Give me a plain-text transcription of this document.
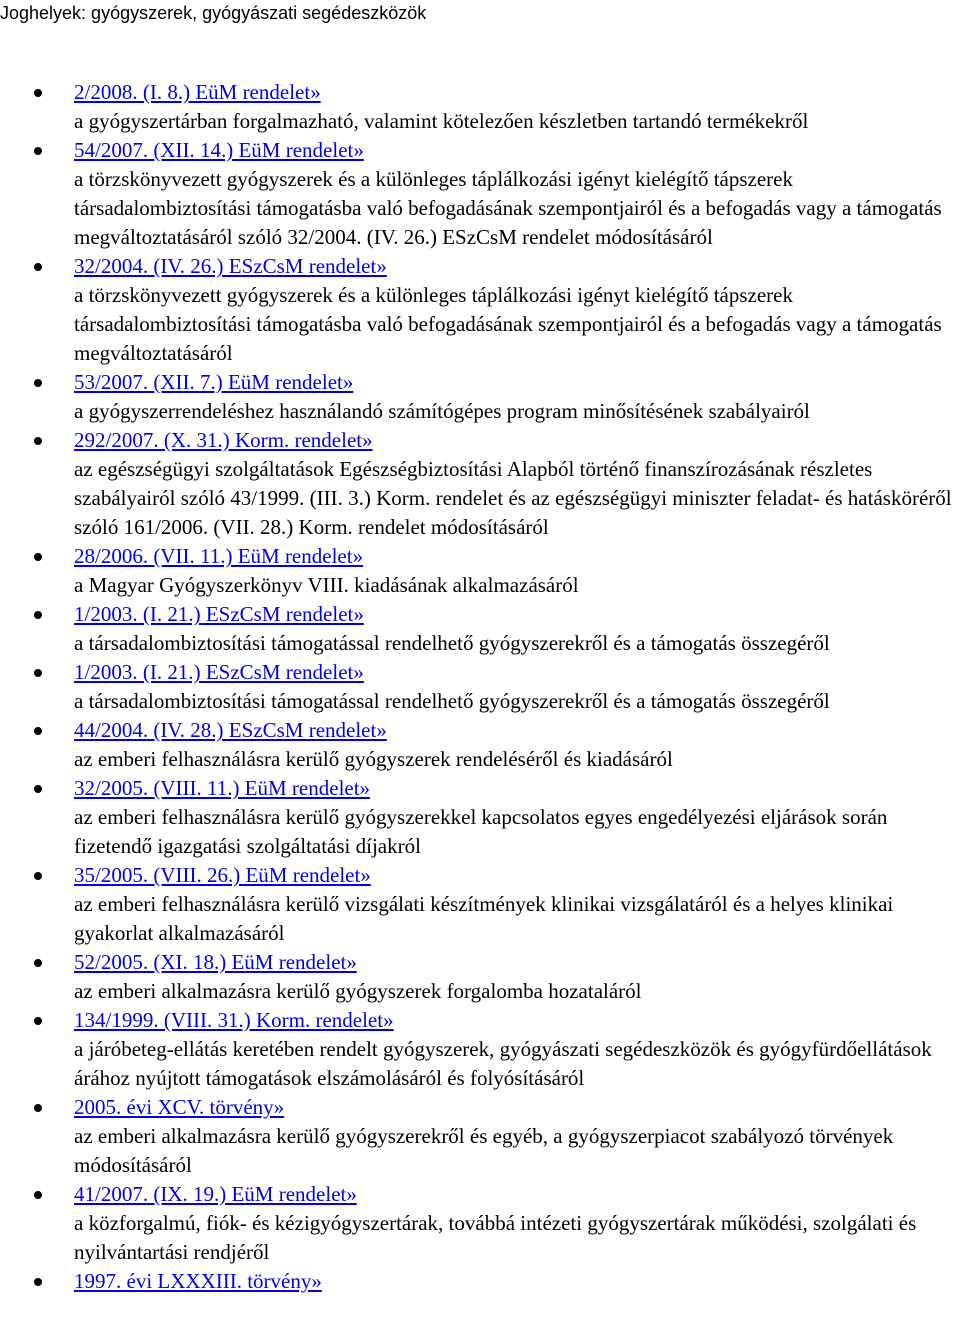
Joghelyek: gyógyszerek, gyógyászati segédeszközök
2/2008. (I. 8.) EüM rendelet»
a gyógyszertárban forgalmazható, valamint kötelezően készletben tartandó termékekről
54/2007. (XII. 14.) EüM rendelet»
a törzskönyvezett gyógyszerek és a különleges táplálkozási igényt kielégítő tápszerek társadalombiztosítási támogatásba való befogadásának szempontjairól és a befogadás vagy a támogatás megváltoztatásáról szóló 32/2004. (IV. 26.) ESzCsM rendelet módosításáról
32/2004. (IV. 26.) ESzCsM rendelet»
a törzskönyvezett gyógyszerek és a különleges táplálkozási igényt kielégítő tápszerek társadalombiztosítási támogatásba való befogadásának szempontjairól és a befogadás vagy a támogatás megváltoztatásáról
53/2007. (XII. 7.) EüM rendelet»
a gyógyszerrendeléshez használandó számítógépes program minősítésének szabályairól
292/2007. (X. 31.) Korm. rendelet»
az egészségügyi szolgáltatások Egészségbiztosítási Alapból történő finanszírozásának részletes szabályairól szóló 43/1999. (III. 3.) Korm. rendelet és az egészségügyi miniszter feladat- és hatásköréről szóló 161/2006. (VII. 28.) Korm. rendelet módosításáról
28/2006. (VII. 11.) EüM rendelet»
a Magyar Gyógyszerkönyv VIII. kiadásának alkalmazásáról
1/2003. (I. 21.) ESzCsM rendelet»
a társadalombiztosítási támogatással rendelhető gyógyszerekről és a támogatás összegéről
1/2003. (I. 21.) ESzCsM rendelet»
a társadalombiztosítási támogatással rendelhető gyógyszerekről és a támogatás összegéről
44/2004. (IV. 28.) ESzCsM rendelet»
az emberi felhasználásra kerülő gyógyszerek rendeléséről és kiadásáról
32/2005. (VIII. 11.) EüM rendelet»
az emberi felhasználásra kerülő gyógyszerekkel kapcsolatos egyes engedélyezési eljárások során fizetendő igazgatási szolgáltatási díjakról
35/2005. (VIII. 26.) EüM rendelet»
az emberi felhasználásra kerülő vizsgálati készítmények klinikai vizsgálatáról és a helyes klinikai gyakorlat alkalmazásáról
52/2005. (XI. 18.) EüM rendelet»
az emberi alkalmazásra kerülő gyógyszerek forgalomba hozataláról
134/1999. (VIII. 31.) Korm. rendelet»
a járóbeteg-ellátás keretében rendelt gyógyszerek, gyógyászati segédeszközök és gyógyfürdőellátások árához nyújtott támogatások elszámolásáról és folyósításáról
2005. évi XCV. törvény»
az emberi alkalmazásra kerülő gyógyszerekről és egyéb, a gyógyszerpiacot szabályozó törvények módosításáról
41/2007. (IX. 19.) EüM rendelet»
a közforgalmú, fiók- és kézigyógyszertárak, továbbá intézeti gyógyszertárak működési, szolgálati és nyilvántartási rendjéről
1997. évi LXXXIII. törvény»
